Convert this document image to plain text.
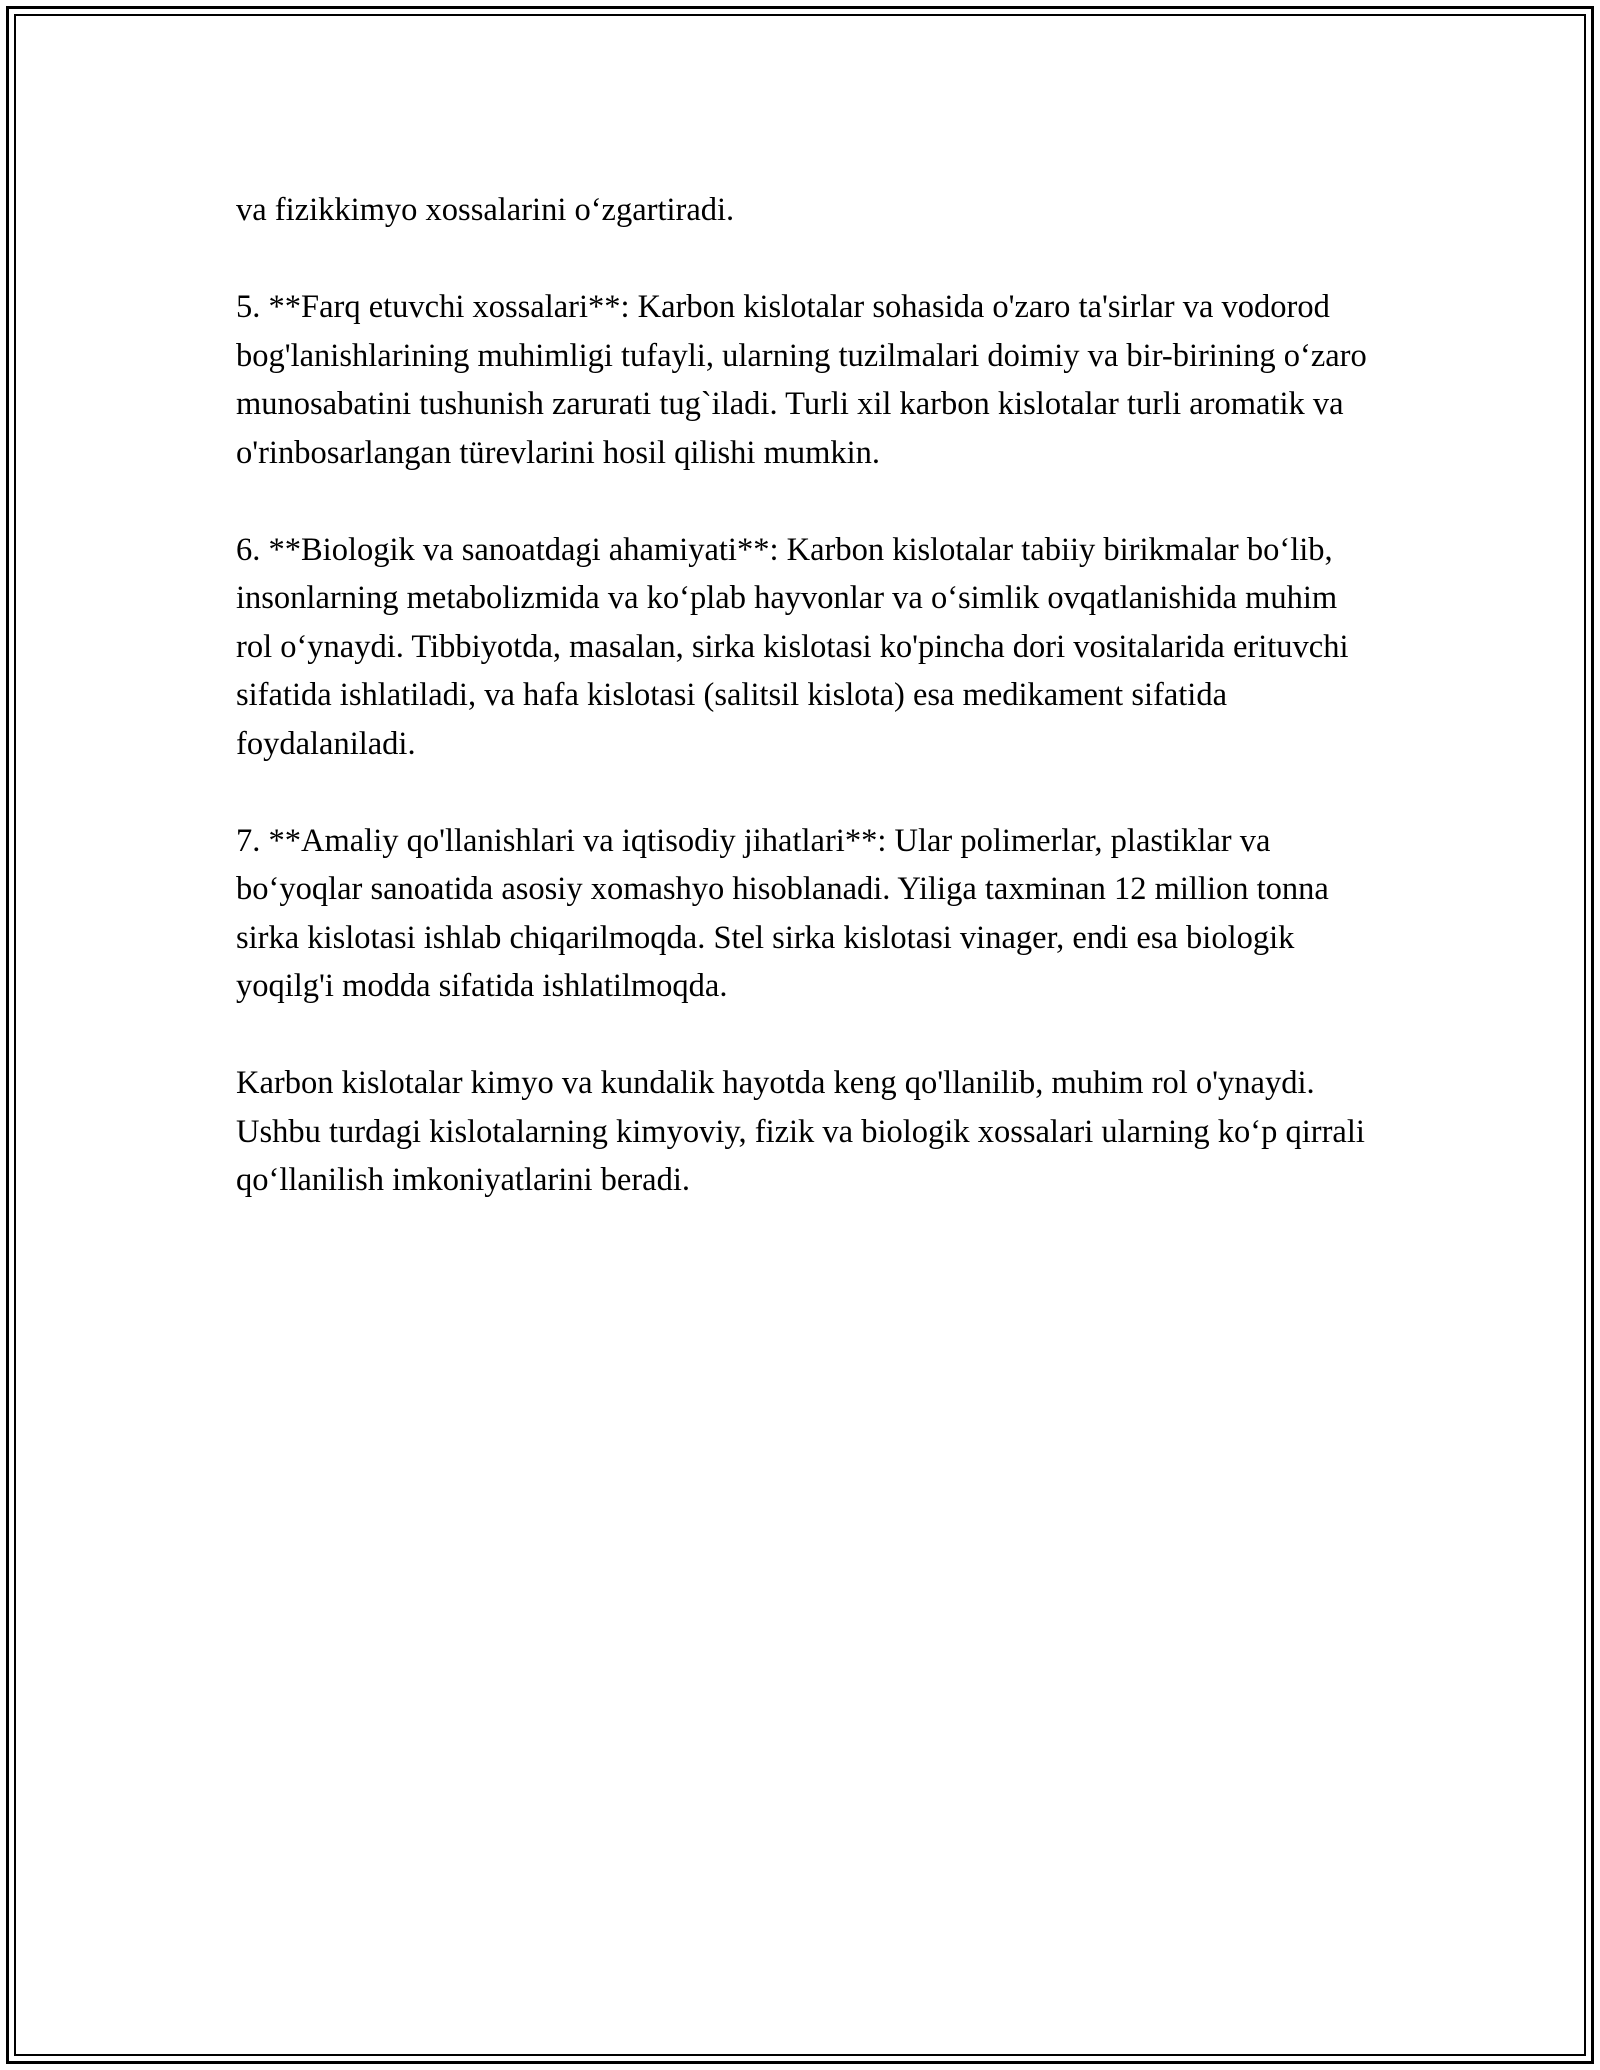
va fizikkimyo xossalarini o‘zgartiradi.

5. **Farq etuvchi xossalari**: Karbon kislotalar sohasida o'zaro ta'sirlar va vodorod bog'lanishlarining muhimligi tufayli, ularning tuzilmalari doimiy va bir-birining o‘zaro munosabatini tushunish zarurati tug`iladi. Turli xil karbon kislotalar turli aromatik va o'rinbosarlangan türevlarini hosil qilishi mumkin.

6. **Biologik va sanoatdagi ahamiyati**: Karbon kislotalar tabiiy birikmalar bo‘lib, insonlarning metabolizmida va ko‘plab hayvonlar va o‘simlik ovqatlanishida muhim rol o‘ynaydi. Tibbiyotda, masalan, sirka kislotasi ko'pincha dori vositalarida erituvchi sifatida ishlatiladi, va hafa kislotasi (salitsil kislota) esa medikament sifatida foydalaniladi.

7. **Amaliy qo'llanishlari va iqtisodiy jihatlari**: Ular polimerlar, plastiklar va bo‘yoqlar sanoatida asosiy xomashyo hisoblanadi. Yiliga taxminan 12 million tonna sirka kislotasi ishlab chiqarilmoqda. Stel sirka kislotasi vinager, endi esa biologik yoqilg'i modda sifatida ishlatilmoqda.

Karbon kislotalar kimyo va kundalik hayotda keng qo'llanilib, muhim rol o'ynaydi. Ushbu turdagi kislotalarning kimyoviy, fizik va biologik xossalari ularning ko‘p qirrali qo‘llanilish imkoniyatlarini beradi.
